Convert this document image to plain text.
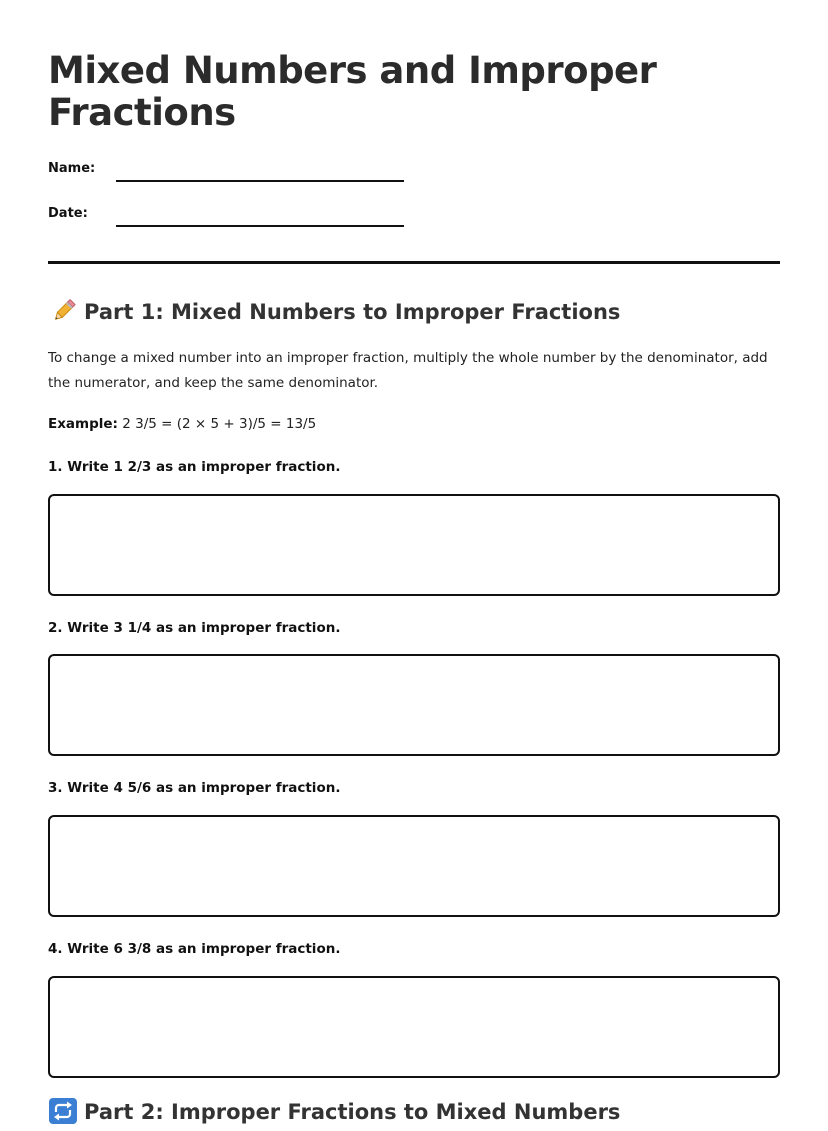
Mixed Numbers and Improper Fractions
Name:
Date:
Part 1: Mixed Numbers to Improper Fractions

To change a mixed number into an improper fraction, multiply the whole number by the denominator, add the numerator, and keep the same denominator.

Example: 2 3/5 = (2 × 5 + 3)/5 = 13/5

1. Write 1 2/3 as an improper fraction.

2. Write 3 1/4 as an improper fraction.

3. Write 4 5/6 as an improper fraction.

4. Write 6 3/8 as an improper fraction.

Part 2: Improper Fractions to Mixed Numbers
